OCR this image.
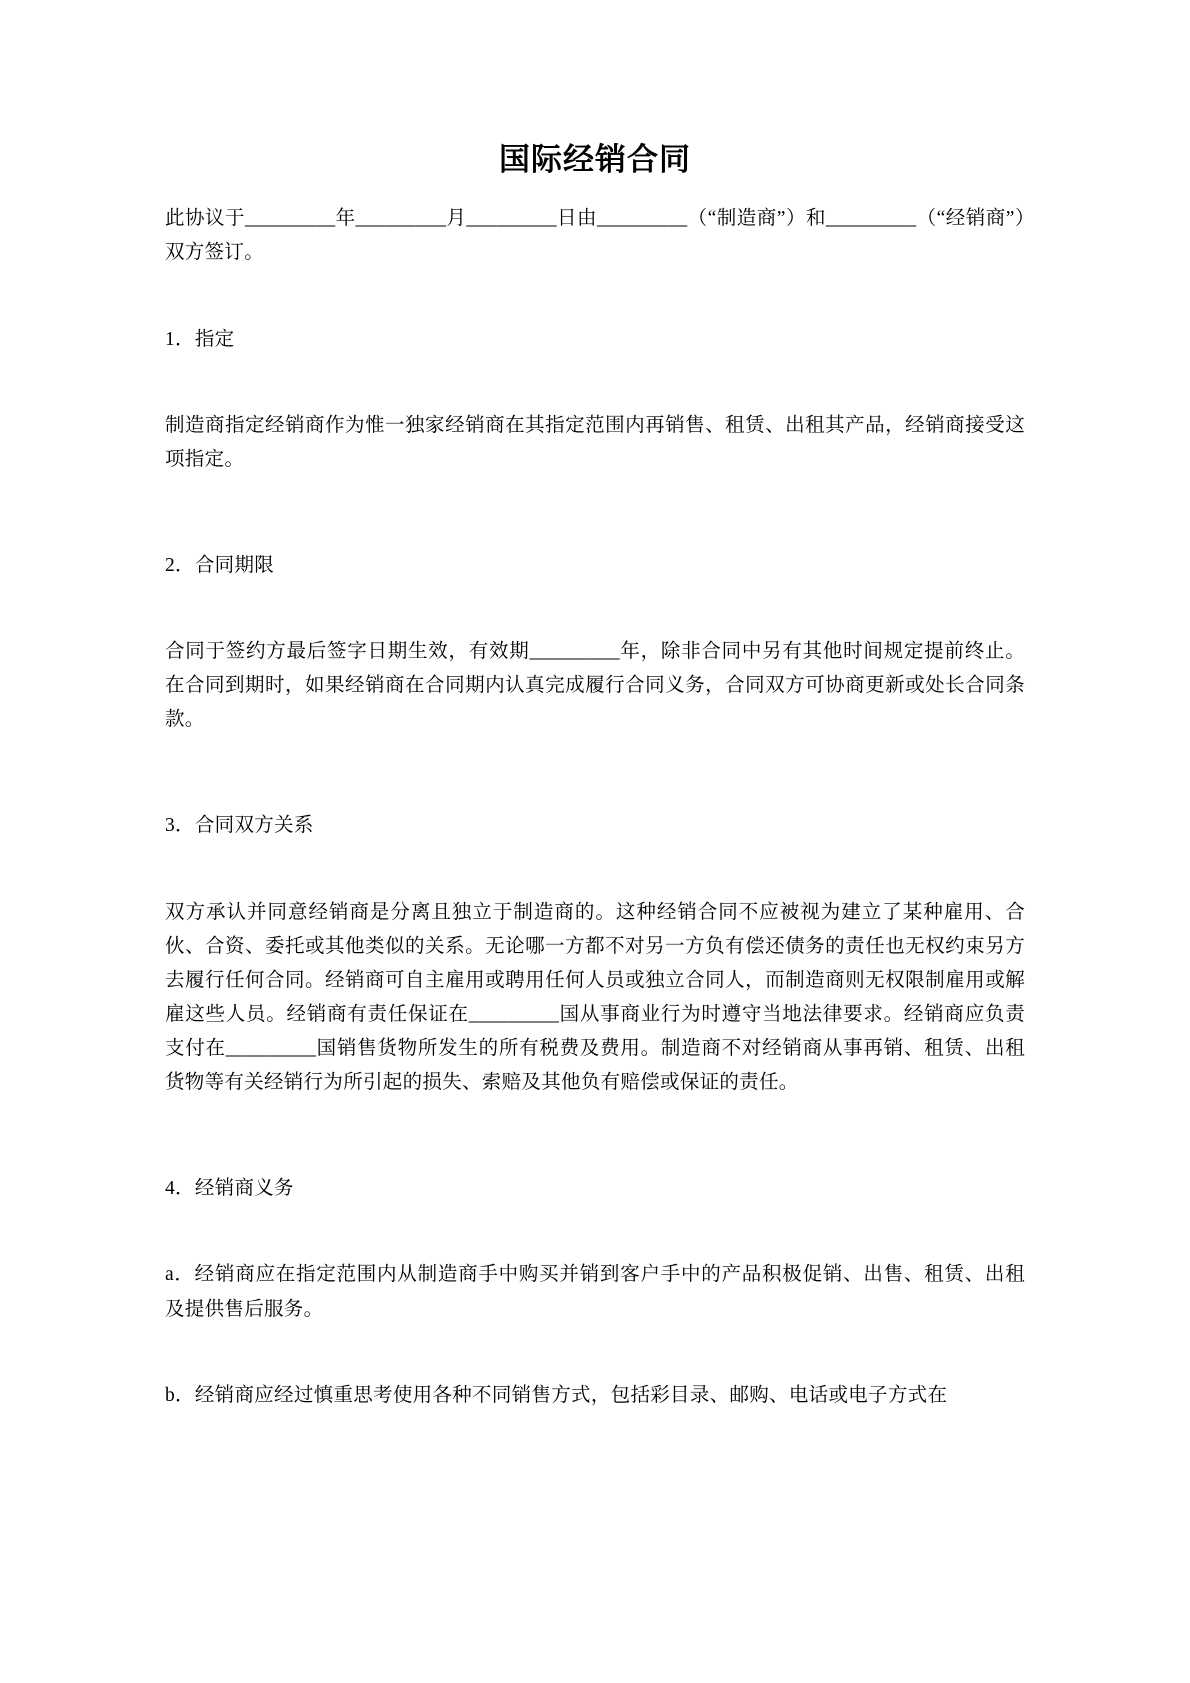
国际经销合同

此协议于_________年_________月_________日由_________（“制造商”）和_________（“经销商”）双方签订。

1．指定

制造商指定经销商作为惟一独家经销商在其指定范围内再销售、租赁、出租其产品，经销商接受这项指定。

2．合同期限

合同于签约方最后签字日期生效，有效期_________年，除非合同中另有其他时间规定提前终止。在合同到期时，如果经销商在合同期内认真完成履行合同义务，合同双方可协商更新或处长合同条款。

3．合同双方关系

双方承认并同意经销商是分离且独立于制造商的。这种经销合同不应被视为建立了某种雇用、合伙、合资、委托或其他类似的关系。无论哪一方都不对另一方负有偿还债务的责任也无权约束另方去履行任何合同。经销商可自主雇用或聘用任何人员或独立合同人，而制造商则无权限制雇用或解雇这些人员。经销商有责任保证在_________国从事商业行为时遵守当地法律要求。经销商应负责支付在_________国销售货物所发生的所有税费及费用。制造商不对经销商从事再销、租赁、出租货物等有关经销行为所引起的损失、索赔及其他负有赔偿或保证的责任。

4．经销商义务

a．经销商应在指定范围内从制造商手中购买并销到客户手中的产品积极促销、出售、租赁、出租及提供售后服务。

b．经销商应经过慎重思考使用各种不同销售方式，包括彩目录、邮购、电话或电子方式在
